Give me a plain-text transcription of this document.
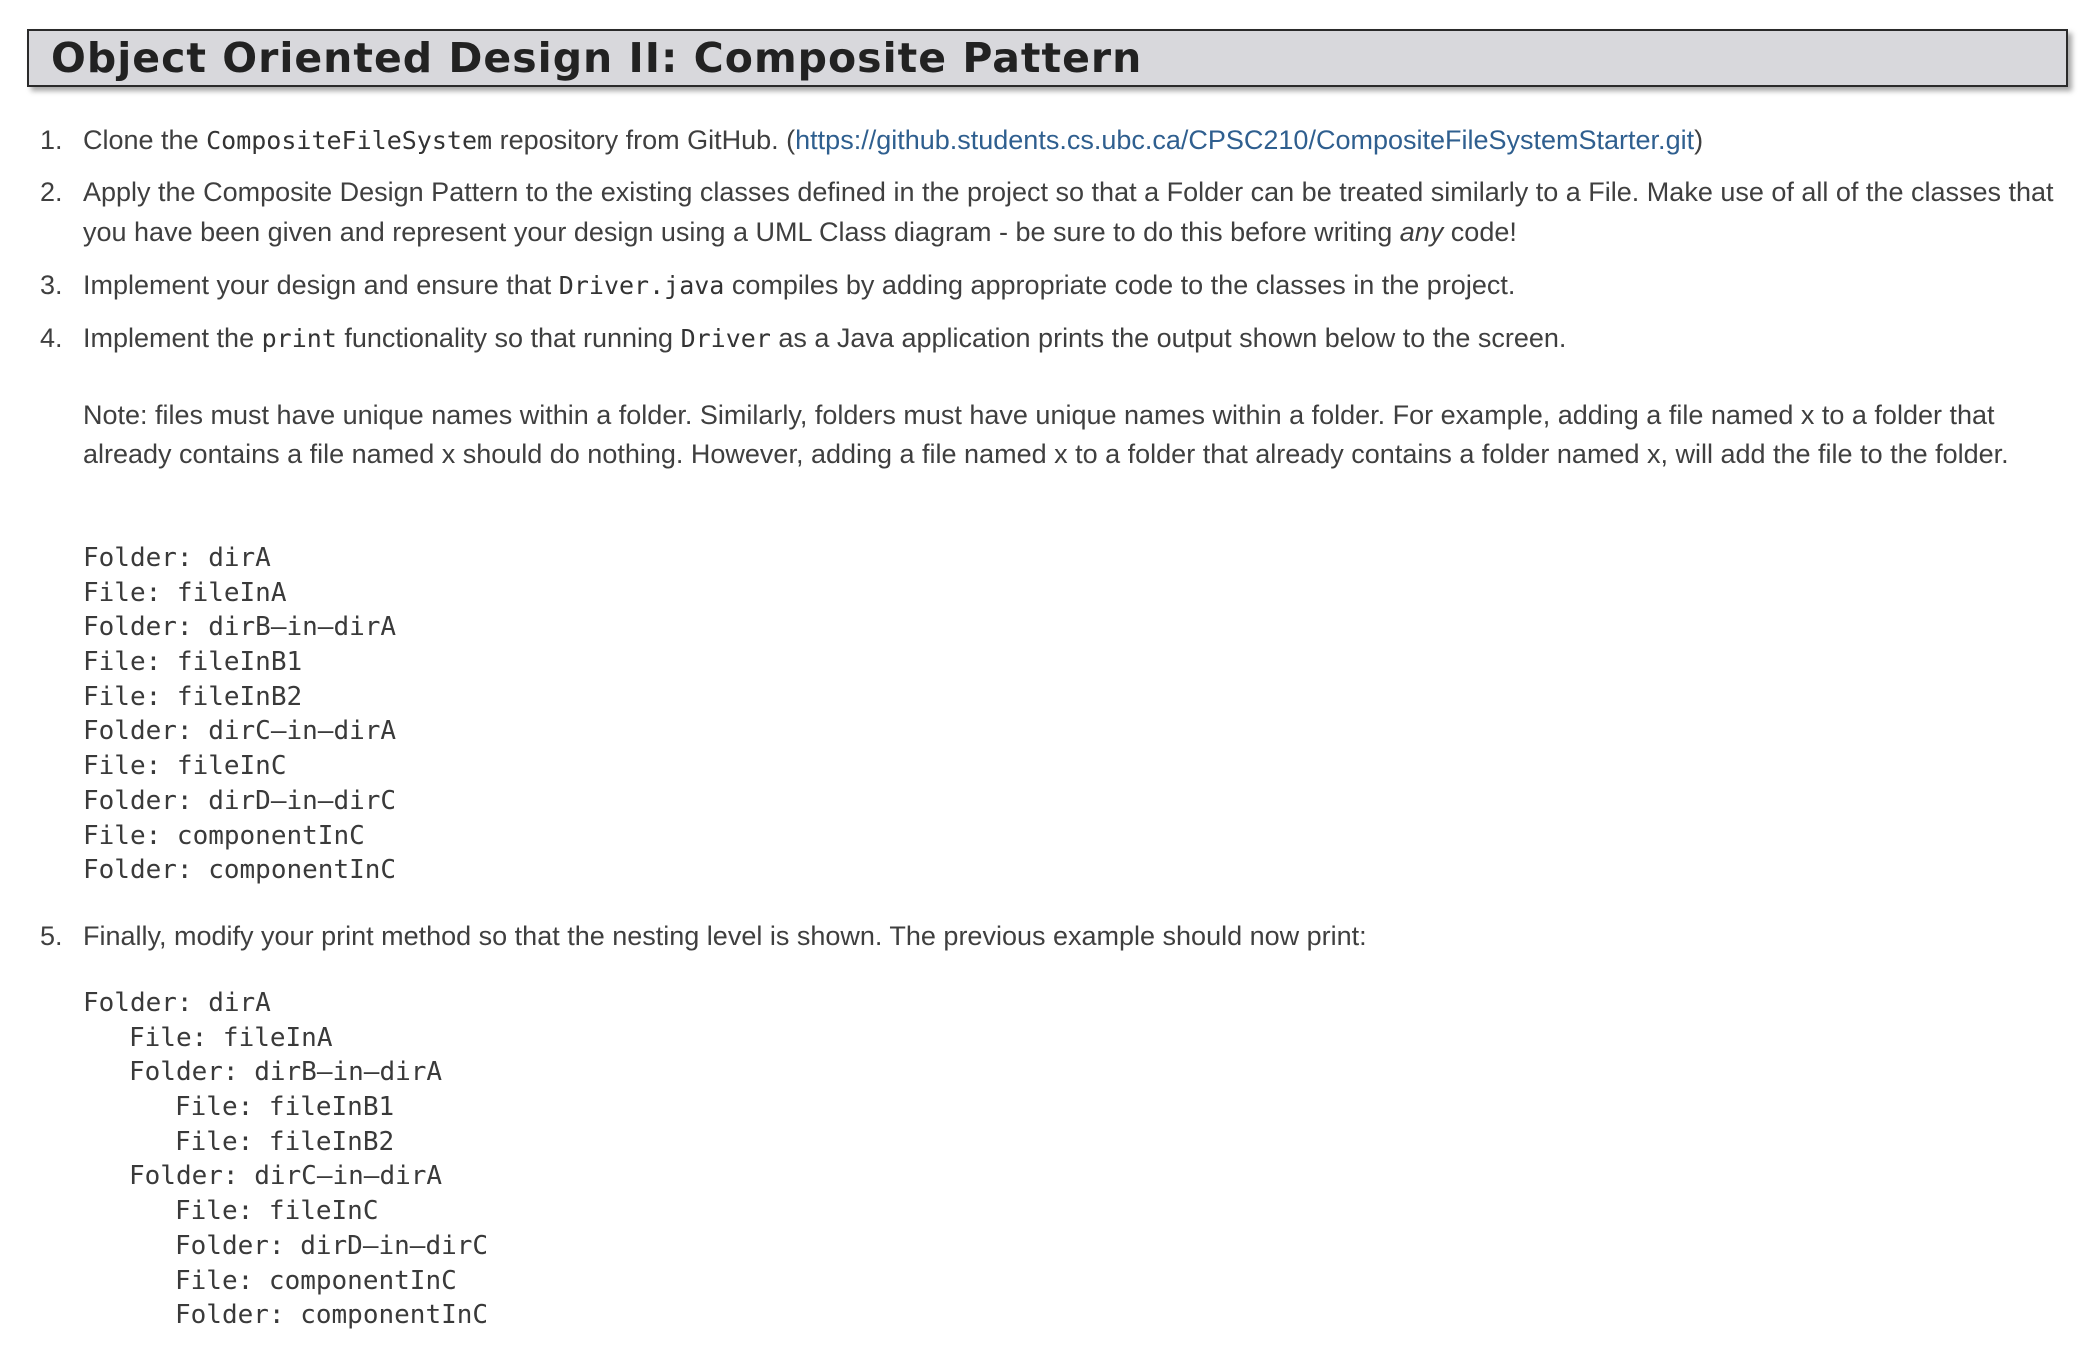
Object Oriented Design II: Composite Pattern
1. Clone the CompositeFileSystem repository from GitHub. (https://github.students.cs.ubc.ca/CPSC210/CompositeFileSystemStarter.git)
2. Apply the Composite Design Pattern to the existing classes defined in the project so that a Folder can be treated similarly to a File. Make use of all of the classes that you have been given and represent your design using a UML Class diagram - be sure to do this before writing any code!
3. Implement your design and ensure that Driver.java compiles by adding appropriate code to the classes in the project.
4. Implement the print functionality so that running Driver as a Java application prints the output shown below to the screen.
Note: files must have unique names within a folder. Similarly, folders must have unique names within a folder. For example, adding a file named x to a folder that already contains a file named x should do nothing. However, adding a file named x to a folder that already contains a folder named x, will add the file to the folder.
Folder: dirA
File: fileInA
Folder: dirB–in–dirA
File: fileInB1
File: fileInB2
Folder: dirC–in–dirA
File: fileInC
Folder: dirD–in–dirC
File: componentInC
Folder: componentInC
5. Finally, modify your print method so that the nesting level is shown. The previous example should now print:
Folder: dirA
File: fileInA
Folder: dirB–in–dirA
File: fileInB1
File: fileInB2
Folder: dirC–in–dirA
File: fileInC
Folder: dirD–in–dirC
File: componentInC
Folder: componentInC
